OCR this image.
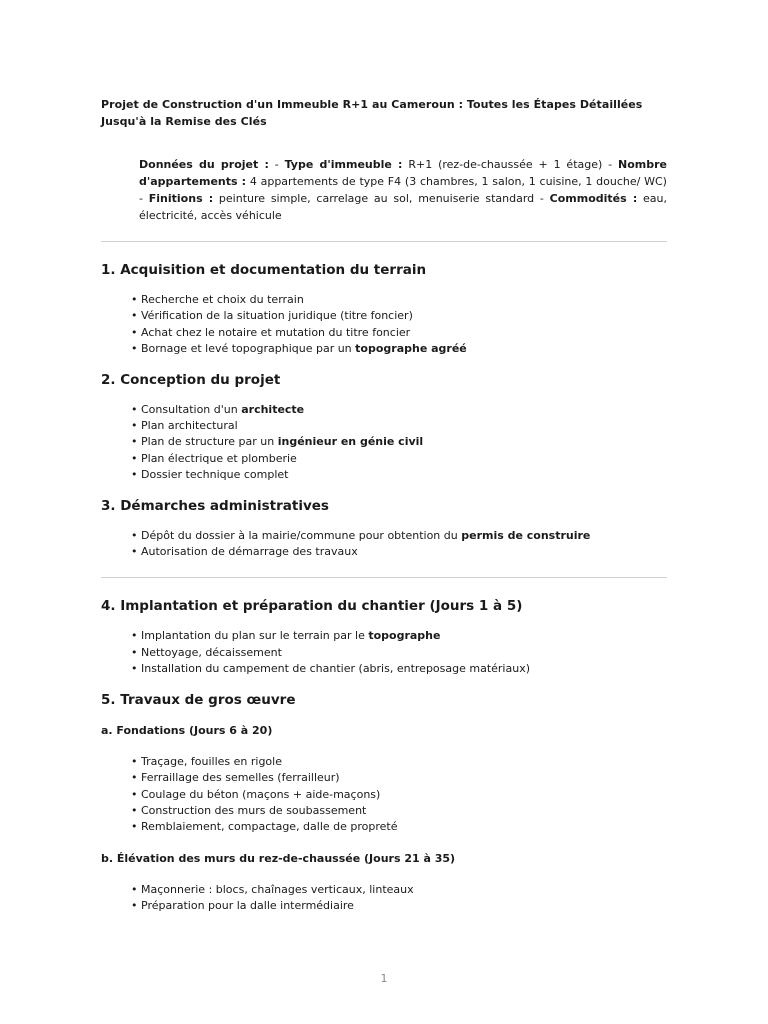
Projet de Construction d'un Immeuble R+1 au Cameroun : Toutes les Étapes Détaillées Jusqu'à la Remise des Clés

Données du projet : - Type d'immeuble : R+1 (rez-de-chaussée + 1 étage) - Nombre d'appartements : 4 appartements de type F4 (3 chambres, 1 salon, 1 cuisine, 1 douche/ WC) - Finitions : peinture simple, carrelage au sol, menuiserie standard - Commodités : eau, électricité, accès véhicule

1. Acquisition et documentation du terrain
• Recherche et choix du terrain
• Vérification de la situation juridique (titre foncier)
• Achat chez le notaire et mutation du titre foncier
• Bornage et levé topographique par un topographe agréé
2. Conception du projet
• Consultation d'un architecte
• Plan architectural
• Plan de structure par un ingénieur en génie civil
• Plan électrique et plomberie
• Dossier technique complet
3. Démarches administratives
• Dépôt du dossier à la mairie/commune pour obtention du permis de construire
• Autorisation de démarrage des travaux
4. Implantation et préparation du chantier (Jours 1 à 5)
• Implantation du plan sur le terrain par le topographe
• Nettoyage, décaissement
• Installation du campement de chantier (abris, entreposage matériaux)
5. Travaux de gros œuvre
a. Fondations (Jours 6 à 20)
• Traçage, fouilles en rigole
• Ferraillage des semelles (ferrailleur)
• Coulage du béton (maçons + aide-maçons)
• Construction des murs de soubassement
• Remblaiement, compactage, dalle de propreté
b. Élévation des murs du rez-de-chaussée (Jours 21 à 35)
• Maçonnerie : blocs, chaînages verticaux, linteaux
• Préparation pour la dalle intermédiaire
1
